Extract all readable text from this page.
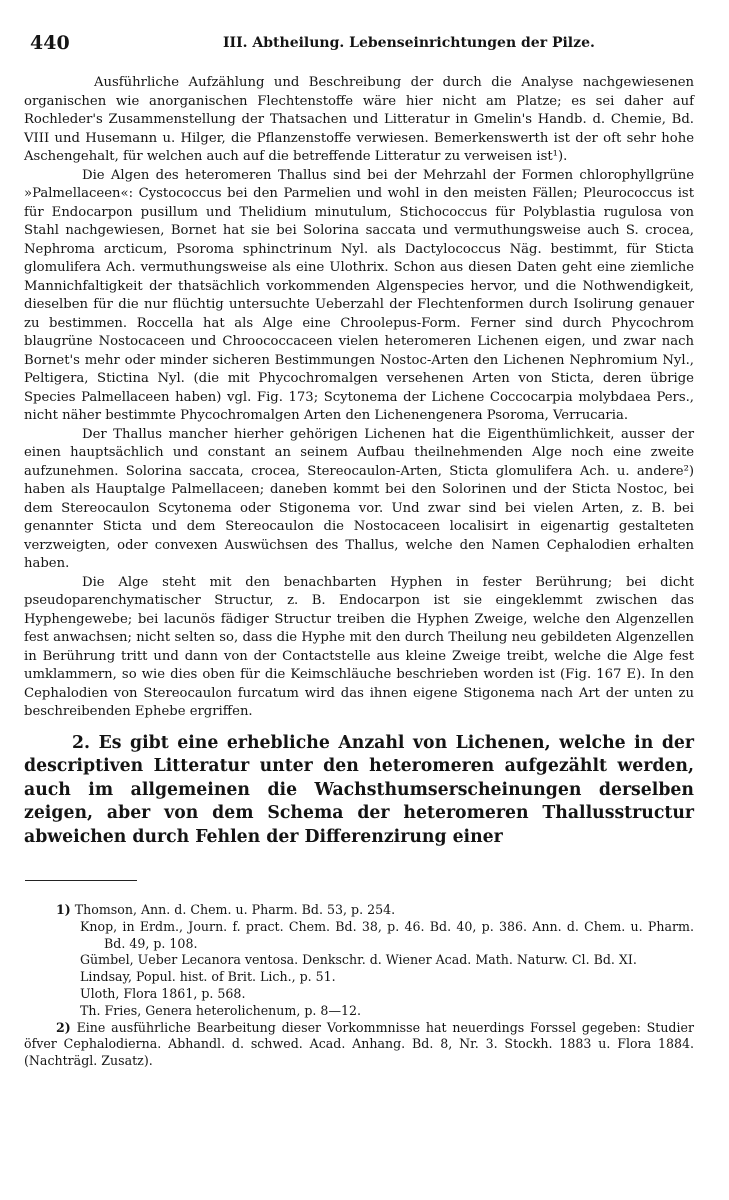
440	III. Abtheilung. Lebenseinrichtungen der Pilze.

Ausführliche Aufzählung und Beschreibung der durch die Analyse nachgewiesenen organischen wie anorganischen Flechtenstoffe wäre hier nicht am Platze; es sei daher auf Rochleder's Zusammenstellung der Thatsachen und Litteratur in Gmelin's Handb. d. Chemie, Bd. VIII und Husemann u. Hilger, die Pflanzenstoffe verwiesen. Bemerkenswerth ist der oft sehr hohe Aschengehalt, für welchen auch auf die betreffende Litteratur zu verweisen ist¹).

Die Algen des heteromeren Thallus sind bei der Mehrzahl der Formen chlorophyllgrüne »Palmellaceen«: Cystococcus bei den Parmelien und wohl in den meisten Fällen; Pleurococcus ist für Endocarpon pusillum und Thelidium minutulum, Stichococcus für Polyblastia rugulosa von Stahl nachgewiesen, Bornet hat sie bei Solorina saccata und vermuthungsweise auch S. crocea, Nephroma arcticum, Psoroma sphinctrinum Nyl. als Dactylococcus Näg. bestimmt, für Sticta glomulifera Ach. vermuthungsweise als eine Ulothrix. Schon aus diesen Daten geht eine ziemliche Mannichfaltigkeit der thatsächlich vorkommenden Algenspecies hervor, und die Nothwendigkeit, dieselben für die nur flüchtig untersuchte Ueberzahl der Flechtenformen durch Isolirung genauer zu bestimmen. Roccella hat als Alge eine Chroolepus-Form. Ferner sind durch Phycochrom blaugrüne Nostocaceen und Chroococcaceen vielen heteromeren Lichenen eigen, und zwar nach Bornet's mehr oder minder sicheren Bestimmungen Nostoc-Arten den Lichenen Nephromium Nyl., Peltigera, Stictina Nyl. (die mit Phycochromalgen versehenen Arten von Sticta, deren übrige Species Palmellaceen haben) vgl. Fig. 173; Scytonema der Lichene Coccocarpia molybdaea Pers., nicht näher bestimmte Phycochromalgen Arten den Lichenengenera Psoroma, Verrucaria.

Der Thallus mancher hierher gehörigen Lichenen hat die Eigenthümlichkeit, ausser der einen hauptsächlich und constant an seinem Aufbau theilnehmenden Alge noch eine zweite aufzunehmen. Solorina saccata, crocea, Stereocaulon-Arten, Sticta glomulifera Ach. u. andere²) haben als Hauptalge Palmellaceen; daneben kommt bei den Solorinen und der Sticta Nostoc, bei dem Stereocaulon Scytonema oder Stigonema vor. Und zwar sind bei vielen Arten, z. B. bei genannter Sticta und dem Stereocaulon die Nostocaceen localisirt in eigenartig gestalteten verzweigten, oder convexen Auswüchsen des Thallus, welche den Namen Cephalodien erhalten haben.

Die Alge steht mit den benachbarten Hyphen in fester Berührung; bei dicht pseudoparenchymatischer Structur, z. B. Endocarpon ist sie eingeklemmt zwischen das Hyphengewebe; bei lacunös fädiger Structur treiben die Hyphen Zweige, welche den Algenzellen fest anwachsen; nicht selten so, dass die Hyphe mit den durch Theilung neu gebildeten Algenzellen in Berührung tritt und dann von der Contactstelle aus kleine Zweige treibt, welche die Alge fest umklammern, so wie dies oben für die Keimschläuche beschrieben worden ist (Fig. 167 E). In den Cephalodien von Stereocaulon furcatum wird das ihnen eigene Stigonema nach Art der unten zu beschreibenden Ephebe ergriffen.

2. Es gibt eine erhebliche Anzahl von Lichenen, welche in der descriptiven Litteratur unter den heteromeren aufgezählt werden, auch im allgemeinen die Wachsthumserscheinungen derselben zeigen, aber von dem Schema der heteromeren Thallusstructur abweichen durch Fehlen der Differenzirung einer

1) Thomson, Ann. d. Chem. u. Pharm. Bd. 53, p. 254.
Knop, in Erdm., Journ. f. pract. Chem. Bd. 38, p. 46. Bd. 40, p. 386. Ann. d. Chem. u. Pharm. Bd. 49, p. 108.
Gümbel, Ueber Lecanora ventosa. Denkschr. d. Wiener Acad. Math. Naturw. Cl. Bd. XI.
Lindsay, Popul. hist. of Brit. Lich., p. 51.
Uloth, Flora 1861, p. 568.
Th. Fries, Genera heterolichenum, p. 8—12.
2) Eine ausführliche Bearbeitung dieser Vorkommnisse hat neuerdings Forssel gegeben: Studier öfver Cephalodierna. Abhandl. d. schwed. Acad. Anhang. Bd. 8, Nr. 3. Stockh. 1883 u. Flora 1884. (Nachträgl. Zusatz).
